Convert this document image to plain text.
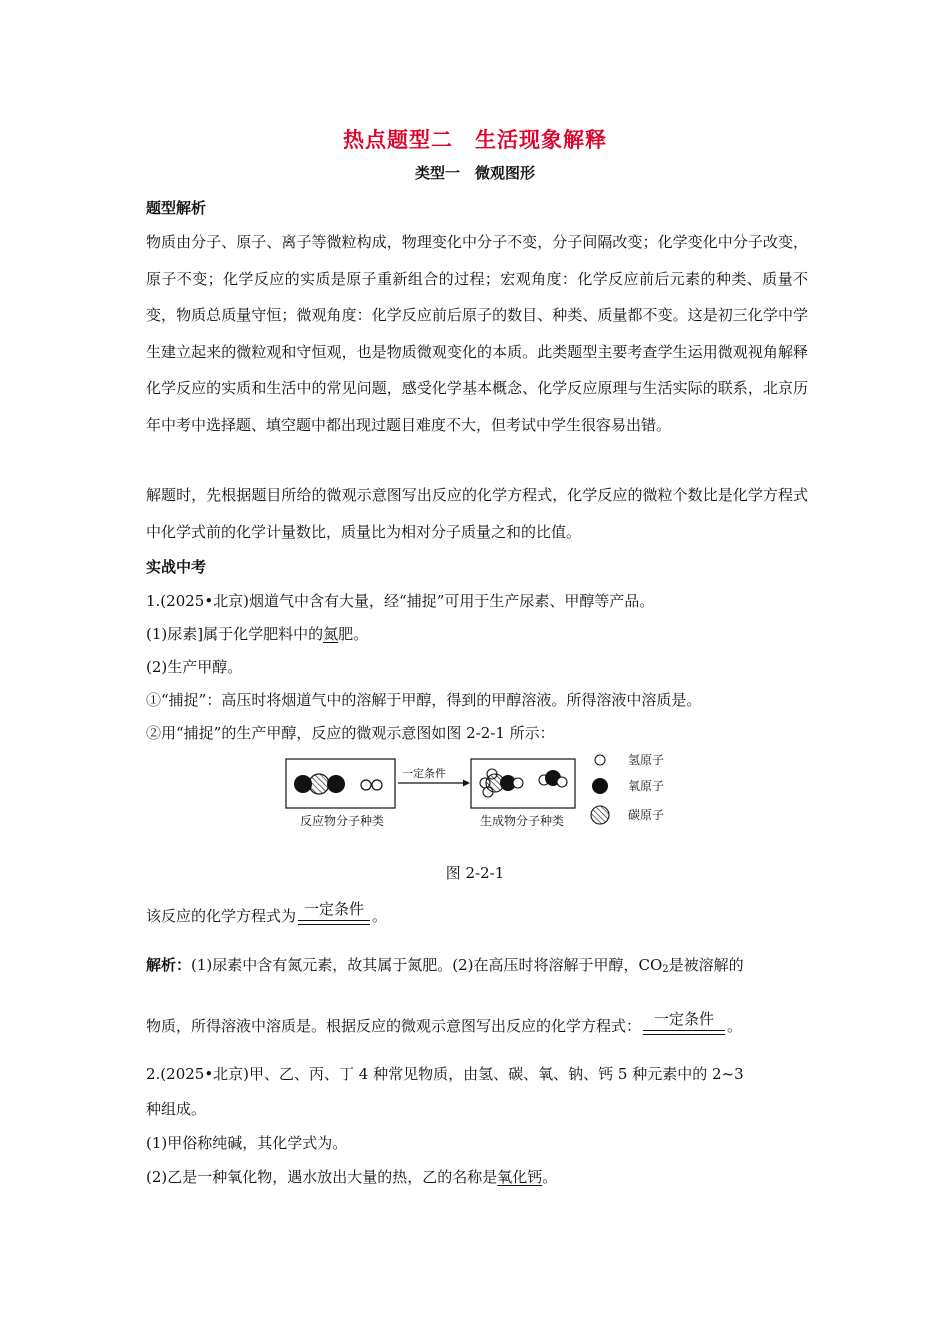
热点题型二　生活现象解释
类型一　微观图形
题型解析
物质由分子、原子、离子等微粒构成，物理变化中分子不变，分子间隔改变；化学变化中分子改变，原子不变；化学反应的实质是原子重新组合的过程；宏观角度：化学反应前后元素的种类、质量不变，物质总质量守恒；微观角度：化学反应前后原子的数目、种类、质量都不变。这是初三化学中学生建立起来的微粒观和守恒观，也是物质微观变化的本质。此类题型主要考查学生运用微观视角解释化学反应的实质和生活中的常见问题，感受化学基本概念、化学反应原理与生活实际的联系，北京历年中考中选择题、填空题中都出现过题目难度不大，但考试中学生很容易出错。
解题时，先根据题目所给的微观示意图写出反应的化学方程式，化学反应的微粒个数比是化学方程式中化学式前的化学计量数比，质量比为相对分子质量之和的比值。
实战中考
1.(2025•北京)烟道气中含有大量，经“捕捉”可用于生产尿素、甲醇等产品。
(1)尿素]属于化学肥料中的氮肥。
(2)生产甲醇。
①“捕捉”：高压时将烟道气中的溶解于甲醇，得到的甲醇溶液。所得溶液中溶质是。
②用“捕捉”的生产甲醇，反应的微观示意图如图 2-2-1 所示：
一定条件
反应物分子种类	生成物分子种类
氢原子
氧原子
碳原子
图 2-2-1
该反应的化学方程式为 一定条件 。
解析：(1)尿素中含有氮元素，故其属于氮肥。(2)在高压时将溶解于甲醇，$CO_2$是被溶解的
物质，所得溶液中溶质是。根据反应的微观示意图写出反应的化学方程式： 一定条件 。
2.(2025•北京)甲、乙、丙、丁 4 种常见物质，由氢、碳、氧、钠、钙 5 种元素中的 2~3
种组成。
(1)甲俗称纯碱，其化学式为。
(2)乙是一种氧化物，遇水放出大量的热，乙的名称是氧化钙。
